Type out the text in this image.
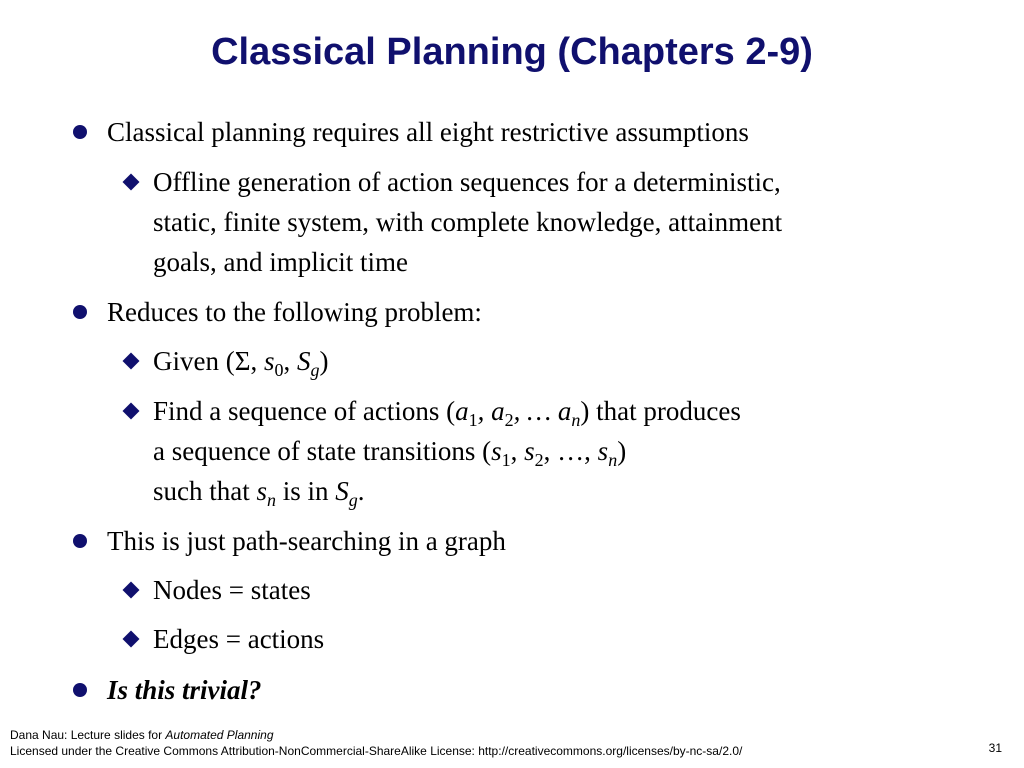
Classical Planning (Chapters 2-9)
Classical planning requires all eight restrictive assumptions
Offline generation of action sequences for a deterministic,
static, finite system, with complete knowledge, attainment
goals, and implicit time
Reduces to the following problem:
Given (Σ, $s_0$, $S_g$)
Find a sequence of actions ($a_1$, $a_2$, … $a_n$) that produces
a sequence of state transitions ($s_1$, $s_2$, …, $s_n$)
such that $s_n$ is in $S_g$.
This is just path-searching in a graph
Nodes = states
Edges = actions
Is this trivial?
Dana Nau: Lecture slides for Automated Planning
Licensed under the Creative Commons Attribution-NonCommercial-ShareAlike License: http://creativecommons.org/licenses/by-nc-sa/2.0/	31
